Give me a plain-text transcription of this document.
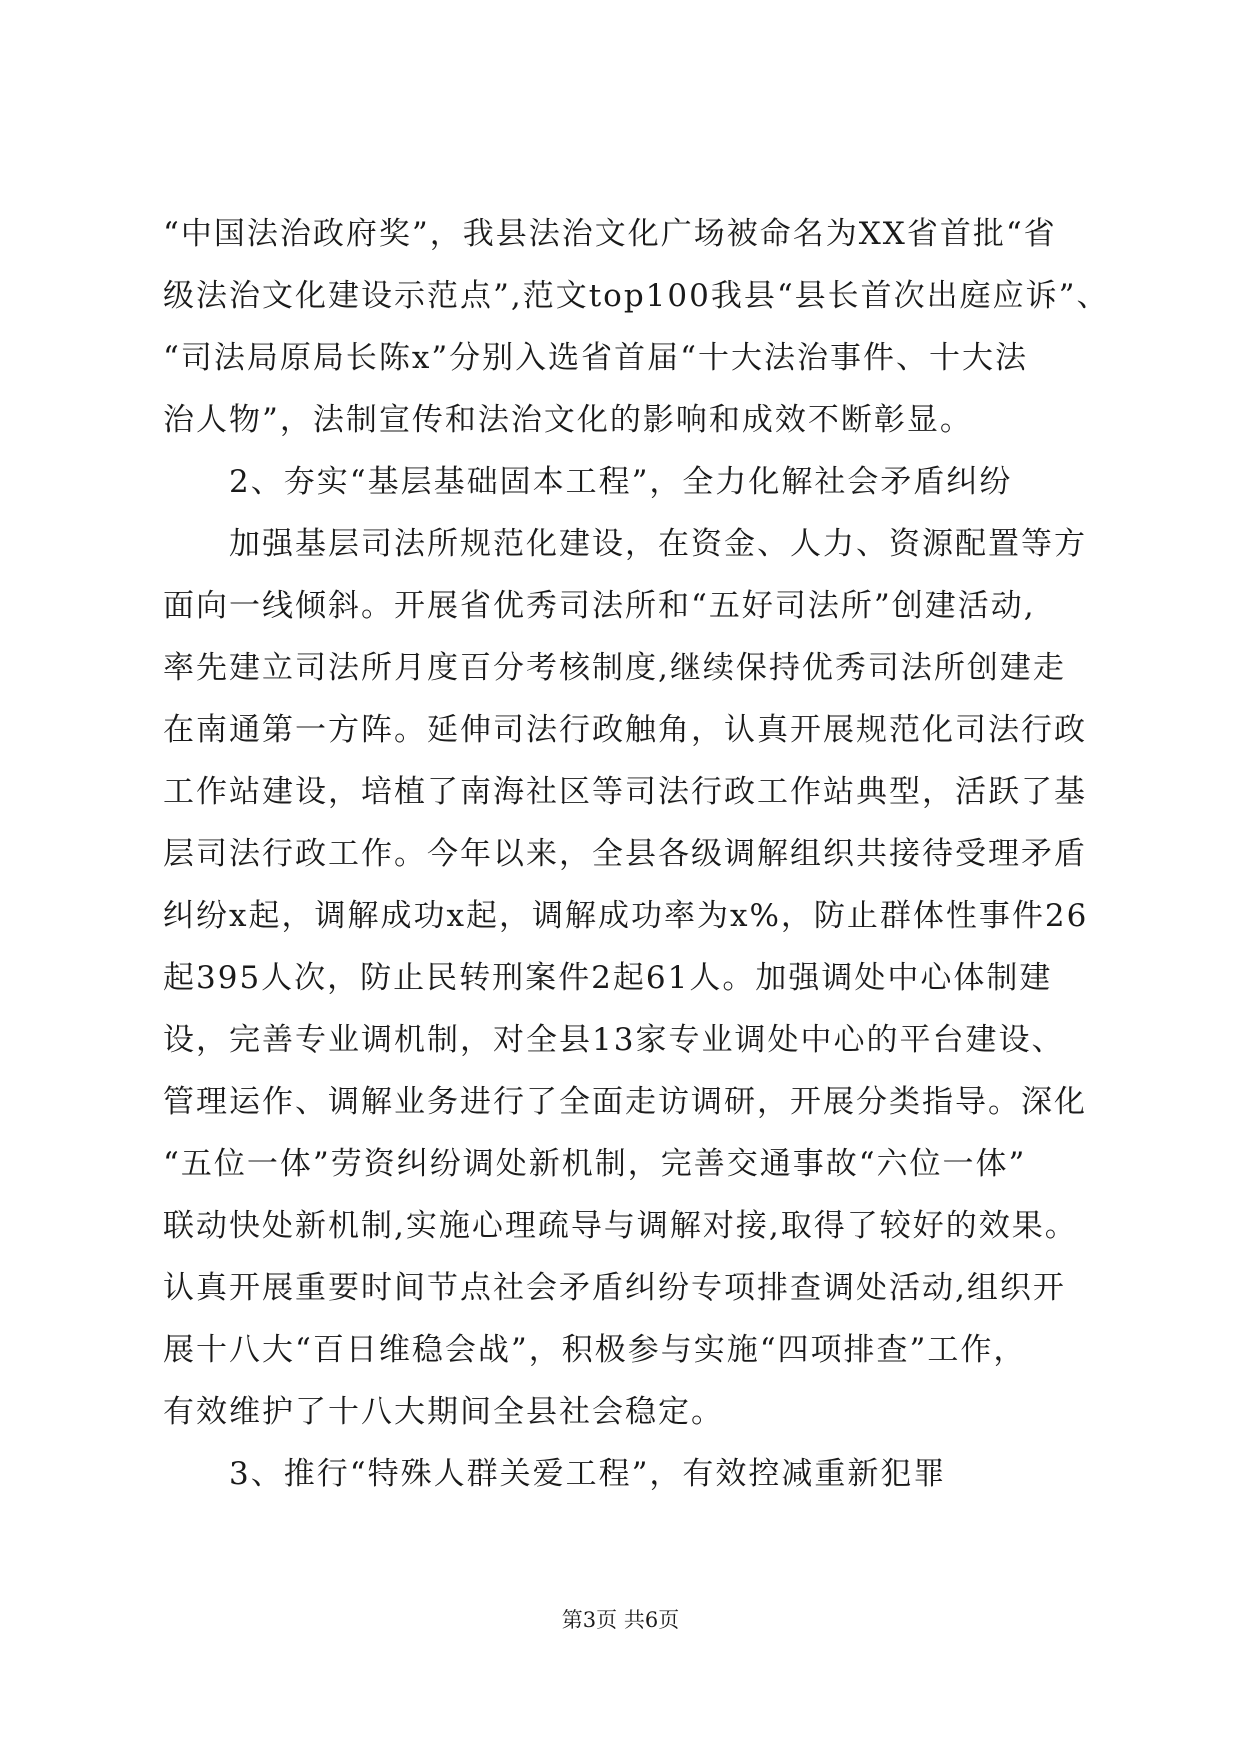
“中国法治政府奖”，我县法治文化广场被命名为XX省首批“省
级法治文化建设示范点”,范文top100我县“县长首次出庭应诉”、
“司法局原局长陈x”分别入选省首届“十大法治事件、十大法
治人物”，法制宣传和法治文化的影响和成效不断彰显。
2、夯实“基层基础固本工程”，全力化解社会矛盾纠纷
加强基层司法所规范化建设，在资金、人力、资源配置等方
面向一线倾斜。开展省优秀司法所和“五好司法所”创建活动,
率先建立司法所月度百分考核制度,继续保持优秀司法所创建走
在南通第一方阵。延伸司法行政触角，认真开展规范化司法行政
工作站建设，培植了南海社区等司法行政工作站典型，活跃了基
层司法行政工作。今年以来，全县各级调解组织共接待受理矛盾
纠纷x起，调解成功x起，调解成功率为x%，防止群体性事件26
起395人次，防止民转刑案件2起61人。加强调处中心体制建
设，完善专业调机制，对全县13家专业调处中心的平台建设、
管理运作、调解业务进行了全面走访调研，开展分类指导。深化
“五位一体”劳资纠纷调处新机制，完善交通事故“六位一体”
联动快处新机制,实施心理疏导与调解对接,取得了较好的效果。
认真开展重要时间节点社会矛盾纠纷专项排查调处活动,组织开
展十八大“百日维稳会战”，积极参与实施“四项排查”工作，
有效维护了十八大期间全县社会稳定。
3、推行“特殊人群关爱工程”，有效控减重新犯罪
第3页 共6页
